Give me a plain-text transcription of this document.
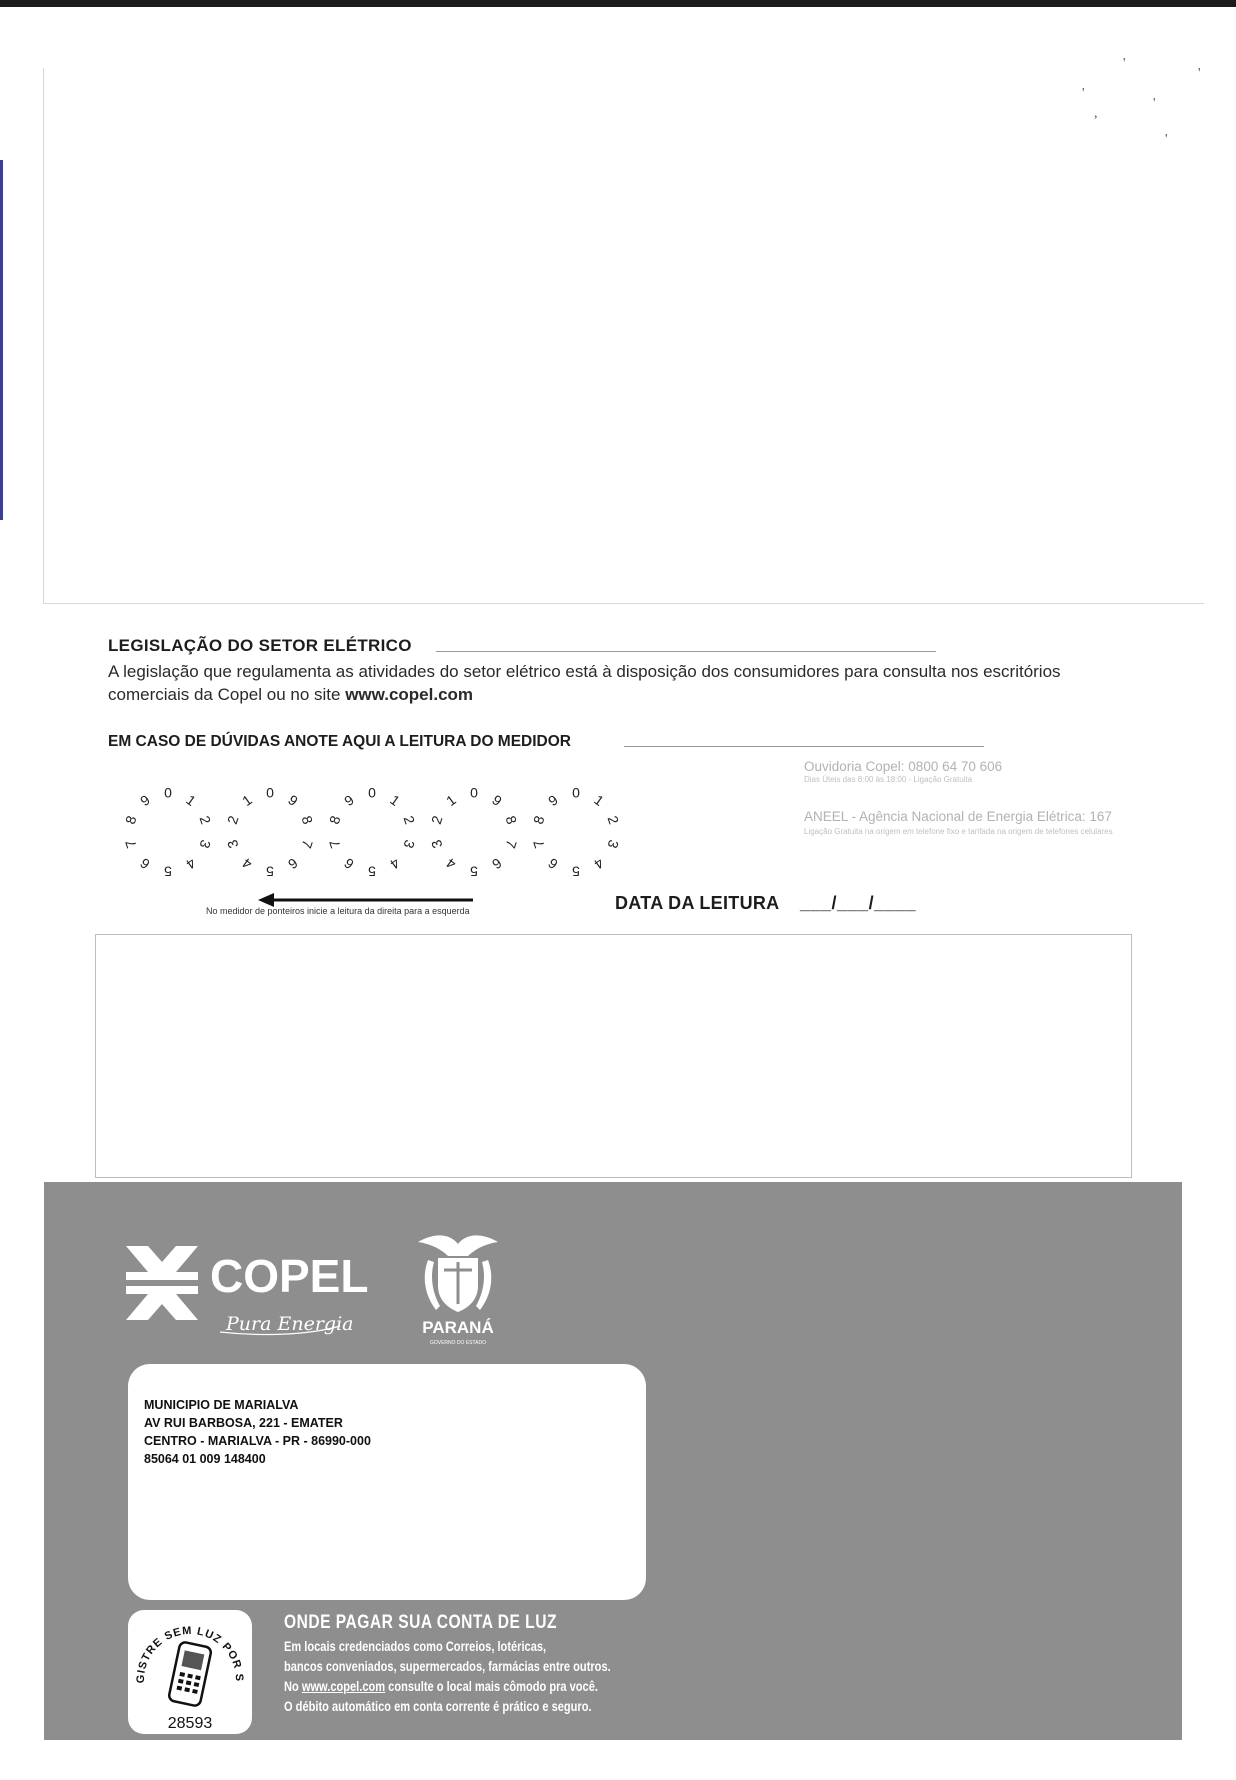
'
'
'
'
,
'
LEGISLAÇÃO DO SETOR ELÉTRICO
A legislação que regulamenta as atividades do setor elétrico está à disposição dos consumidores para consulta nos escritórios comerciais da Copel ou no site www.copel.com
EM CASO DE DÚVIDAS ANOTE AQUI A LEITURA DO MEDIDOR
0 1
2
3
4
5
6
7
8
9	0
1
2
3
4 5 6
7
8
9	0 1
2
3
4
5
6
7
8
9	0
1
2
3
4 5 6
7
8
9	0 1
2
3
4
5
6
7
8
9
No medidor de ponteiros inicie a leitura da direita para a esquerda
Ouvidoria Copel: 0800 64 70 606
Dias Úteis das 8:00 às 18:00 - Ligação Gratuita
ANEEL - Agência Nacional de Energia Elétrica: 167
Ligação Gratuita na origem em telefone fixo e tarifada na origem de telefones celulares
DATA DA LEITURA ___/___/____
COPEL
Pura Energia	PARANÁ
GOVERNO DO ESTADO
MUNICIPIO DE MARIALVA
AV RUI BARBOSA, 221 - EMATER
CENTRO - MARIALVA - PR - 86990-000
85064 01 009 148400
GISTRE SEM LUZ POR S
28593
ONDE PAGAR SUA CONTA DE LUZ
Em locais credenciados como Correios, lotéricas,
bancos conveniados, supermercados, farmácias entre outros.
No www.copel.com consulte o local mais cômodo pra você.
O débito automático em conta corrente é prático e seguro.
